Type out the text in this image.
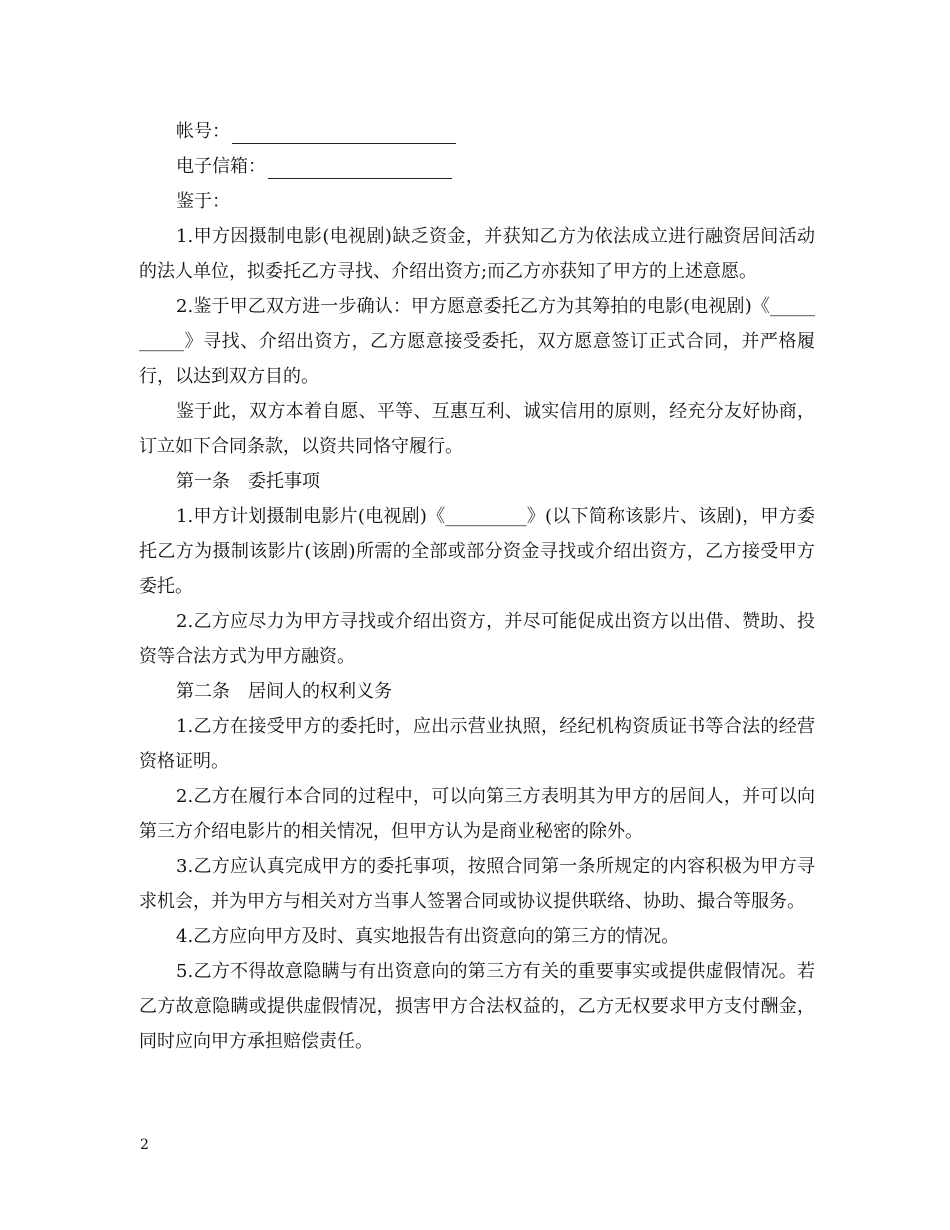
帐号：
电子信箱：
鉴于：
1.甲方因摄制电影(电视剧)缺乏资金，并获知乙方为依法成立进行融资居间活动的法人单位，拟委托乙方寻找、介绍出资方;而乙方亦获知了甲方的上述意愿。
2.鉴于甲乙双方进一步确认：甲方愿意委托乙方为其筹拍的电影(电视剧)《__________》寻找、介绍出资方，乙方愿意接受委托，双方愿意签订正式合同，并严格履行，以达到双方目的。
鉴于此，双方本着自愿、平等、互惠互利、诚实信用的原则，经充分友好协商，订立如下合同条款，以资共同恪守履行。
第一条 委托事项
1.甲方计划摄制电影片(电视剧)《_________》(以下简称该影片、该剧)，甲方委托乙方为摄制该影片(该剧)所需的全部或部分资金寻找或介绍出资方，乙方接受甲方委托。
2.乙方应尽力为甲方寻找或介绍出资方，并尽可能促成出资方以出借、赞助、投资等合法方式为甲方融资。
第二条 居间人的权利义务
1.乙方在接受甲方的委托时，应出示营业执照，经纪机构资质证书等合法的经营资格证明。
2.乙方在履行本合同的过程中，可以向第三方表明其为甲方的居间人，并可以向第三方介绍电影片的相关情况，但甲方认为是商业秘密的除外。
3.乙方应认真完成甲方的委托事项，按照合同第一条所规定的内容积极为甲方寻求机会，并为甲方与相关对方当事人签署合同或协议提供联络、协助、撮合等服务。
4.乙方应向甲方及时、真实地报告有出资意向的第三方的情况。
5.乙方不得故意隐瞒与有出资意向的第三方有关的重要事实或提供虚假情况。若乙方故意隐瞒或提供虚假情况，损害甲方合法权益的，乙方无权要求甲方支付酬金，同时应向甲方承担赔偿责任。
2
